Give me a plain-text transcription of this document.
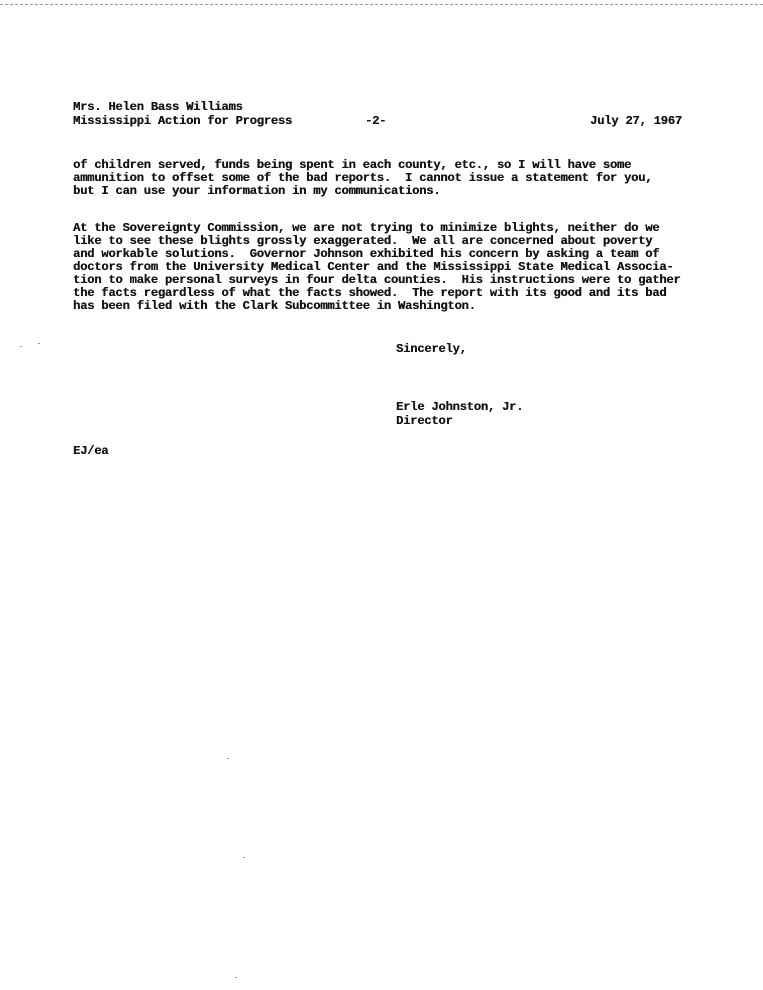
Mrs. Helen Bass Williams
Mississippi Action for Progress	-2-	July 27, 1967
of children served, funds being spent in each county, etc., so I will have some
ammunition to offset some of the bad reports.  I cannot issue a statement for you,
but I can use your information in my communications.
At the Sovereignty Commission, we are not trying to minimize blights, neither do we
like to see these blights grossly exaggerated.  We all are concerned about poverty
and workable solutions.  Governor Johnson exhibited his concern by asking a team of
doctors from the University Medical Center and the Mississippi State Medical Associa-
tion to make personal surveys in four delta counties.  His instructions were to gather
the facts regardless of what the facts showed.  The report with its good and its bad
has been filed with the Clark Subcommittee in Washington.
Sincerely,
Erle Johnston, Jr.
Director
EJ/ea
